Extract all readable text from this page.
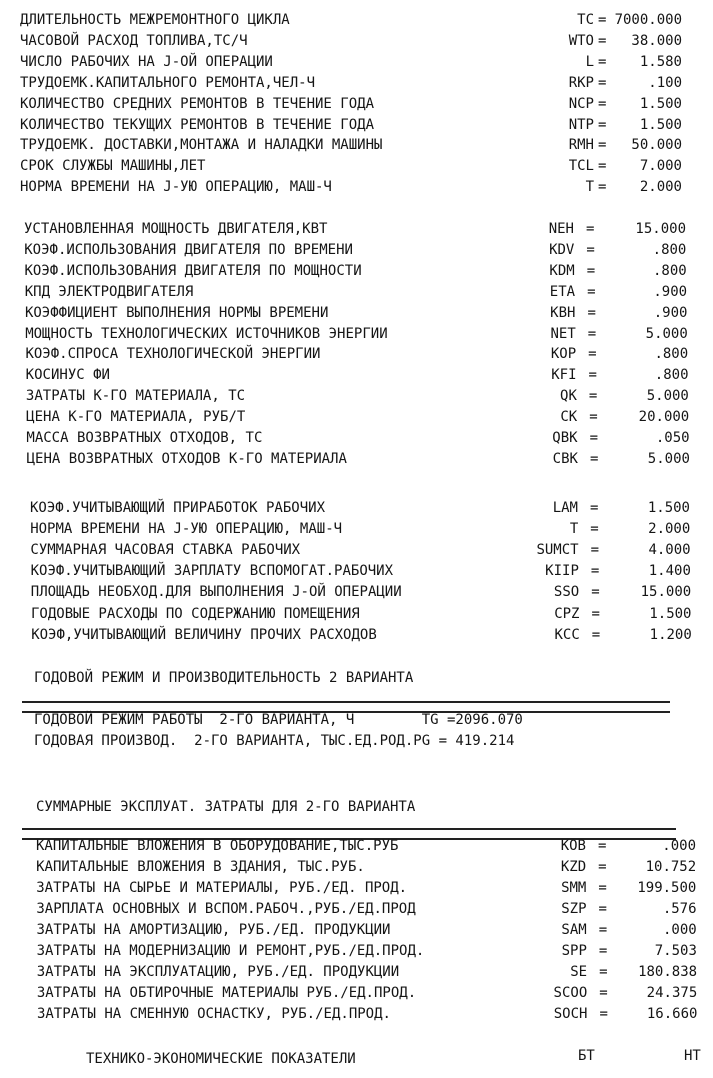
ГОДОВОЙ РЕЖИМ И ПРОИЗВОДИТЕЛЬНОСТЬ 2 ВАРИАНТА
ГОДОВОЙ РЕЖИМ РАБОТЫ  2-ГО ВАРИАНТА, Ч        TG =2096.070
ГОДОВАЯ ПРОИЗВОД.  2-ГО ВАРИАНТА, ТЫС.ЕД.РОД.PG = 419.214
СУММАРНЫЕ ЭКСПЛУАТ. ЗАТРАТЫ ДЛЯ 2-ГО ВАРИАНТА
ТЕХНИКО-ЭКОНОМИЧЕСКИЕ ПОКАЗАТЕЛИ	БТ	НТ
ДЛИТЕЛЬНОСТЬ МЕЖРЕМОНТНОГО ЦИКЛА	TC = 7000.000
ЧАСОВОЙ РАСХОД ТОПЛИВА,ТС/Ч	WTO =	38.000
ЧИСЛО РАБОЧИХ НА J-ОЙ ОПЕРАЦИИ	L =	1.580
ТРУДОЕМК.КАПИТАЛЬНОГО РЕМОНТА,ЧЕЛ-Ч	RKP =	.100
КОЛИЧЕСТВО СРЕДНИХ РЕМОНТОВ В ТЕЧЕНИЕ ГОДА	NCP =	1.500
КОЛИЧЕСТВО ТЕКУЩИХ РЕМОНТОВ В ТЕЧЕНИЕ ГОДА	NTP =	1.500
ТРУДОЕМК. ДОСТАВКИ,МОНТАЖА И НАЛАДКИ МАШИНЫ	RMH =	50.000
СРОК СЛУЖБЫ МАШИНЫ,ЛЕТ	TCL =	7.000
НОРМА ВРЕМЕНИ НА J-УЮ ОПЕРАЦИЮ, МАШ-Ч	T =	2.000
УСТАНОВЛЕННАЯ МОЩНОСТЬ ДВИГАТЕЛЯ,КВТ	NEH =	15.000
КОЭФ.ИСПОЛЬЗОВАНИЯ ДВИГАТЕЛЯ ПО ВРЕМЕНИ	KDV =	.800
КОЭФ.ИСПОЛЬЗОВАНИЯ ДВИГАТЕЛЯ ПО МОЩНОСТИ	KDM =	.800
КПД ЭЛЕКТРОДВИГАТЕЛЯ	ETA =	.900
КОЭФФИЦИЕНТ ВЫПОЛНЕНИЯ НОРМЫ ВРЕМЕНИ	KBH =	.900
МОЩНОСТЬ ТЕХНОЛОГИЧЕСКИХ ИСТОЧНИКОВ ЭНЕРГИИ	NET =	5.000
КОЭФ.СПРОСА ТЕХНОЛОГИЧЕСКОЙ ЭНЕРГИИ	KOP =	.800
КОСИНУС ФИ	KFI =	.800
ЗАТРАТЫ К-ГО МАТЕРИАЛА, ТС	QK =	5.000
ЦЕНА К-ГО МАТЕРИАЛА, РУБ/Т	CK =	20.000
МАССА ВОЗВРАТНЫХ ОТХОДОВ, ТС	QBK =	.050
ЦЕНА ВОЗВРАТНЫХ ОТХОДОВ К-ГО МАТЕРИАЛА	CBK =	5.000
КОЭФ.УЧИТЫВАЮЩИЙ ПРИРАБОТОК РАБОЧИХ	LAM =	1.500
НОРМА ВРЕМЕНИ НА J-УЮ ОПЕРАЦИЮ, МАШ-Ч	T =	2.000
СУММАРНАЯ ЧАСОВАЯ СТАВКА РАБОЧИХ	SUMCT =	4.000
КОЭФ.УЧИТЫВАЮЩИЙ ЗАРПЛАТУ ВСПОМОГАТ.РАБОЧИХ	KIIP =	1.400
ПЛОЩАДЬ НЕОБХОД.ДЛЯ ВЫПОЛНЕНИЯ J-ОЙ ОПЕРАЦИИ	SSO =	15.000
ГОДОВЫЕ РАСХОДЫ ПО СОДЕРЖАНИЮ ПОМЕЩЕНИЯ	CPZ =	1.500
КОЭФ,УЧИТЫВАЮЩИЙ ВЕЛИЧИНУ ПРОЧИХ РАСХОДОВ	KCC =	1.200
КАПИТАЛЬНЫЕ ВЛОЖЕНИЯ В ОБОРУДОВАНИЕ,ТЫС.РУБ	KOB =	.000
КАПИТАЛЬНЫЕ ВЛОЖЕНИЯ В ЗДАНИЯ, ТЫС.РУБ.	KZD =	10.752
ЗАТРАТЫ НА СЫРЬЕ И МАТЕРИАЛЫ, РУБ./ЕД. ПРОД.	SMM =	199.500
ЗАРПЛАТА ОСНОВНЫХ И ВСПОМ.РАБОЧ.,РУБ./ЕД.ПРОД	SZP =	.576
ЗАТРАТЫ НА АМОРТИЗАЦИЮ, РУБ./ЕД. ПРОДУКЦИИ	SAM =	.000
ЗАТРАТЫ НА МОДЕРНИЗАЦИЮ И РЕМОНТ,РУБ./ЕД.ПРОД.	SPP =	7.503
ЗАТРАТЫ НА ЭКСПЛУАТАЦИЮ, РУБ./ЕД. ПРОДУКЦИИ	SE =	180.838
ЗАТРАТЫ НА ОБТИРОЧНЫЕ МАТЕРИАЛЫ РУБ./ЕД.ПРОД.	SCOO =	24.375
ЗАТРАТЫ НА СМЕННУЮ ОСНАСТКУ, РУБ./ЕД.ПРОД.	SOCH =	16.660
